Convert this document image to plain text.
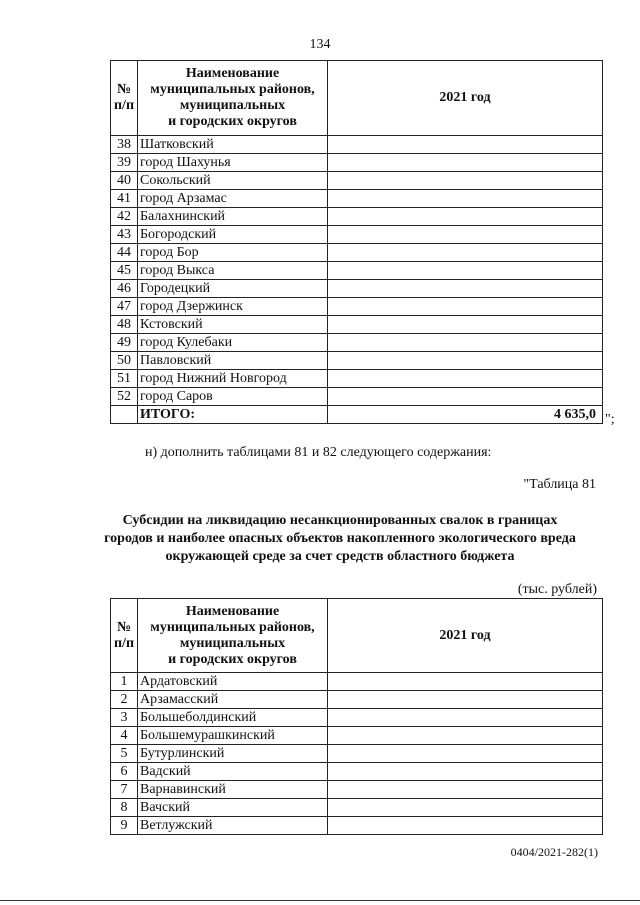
134
№
п/п	Наименование
муниципальных районов,
муниципальных
и городских округов	2021 год
38	Шатковский	
39	город Шахунья	
40	Сокольский	
41	город Арзамас	
42	Балахнинский	
43	Богородский	
44	город Бор	
45	город Выкса	
46	Городецкий	
47	город Дзержинск	
48	Кстовский	
49	город Кулебаки	
50	Павловский	
51	город Нижний Новгород	
52	город Саров	
	ИТОГО:	4 635,0 ";
н) дополнить таблицами 81 и 82 следующего содержания:
"Таблица 81
Субсидии на ликвидацию несанкционированных свалок в границах городов и наиболее опасных объектов накопленного экологического вреда окружающей среде за счет средств областного бюджета
(тыс. рублей)
№
п/п	Наименование
муниципальных районов,
муниципальных
и городских округов	2021 год
1	Ардатовский	
2	Арзамасский	
3	Большеболдинский	
4	Большемурашкинский	
5	Бутурлинский	
6	Вадский	
7	Варнавинский	
8	Вачский	
9	Ветлужский	
0404/2021-282(1)
